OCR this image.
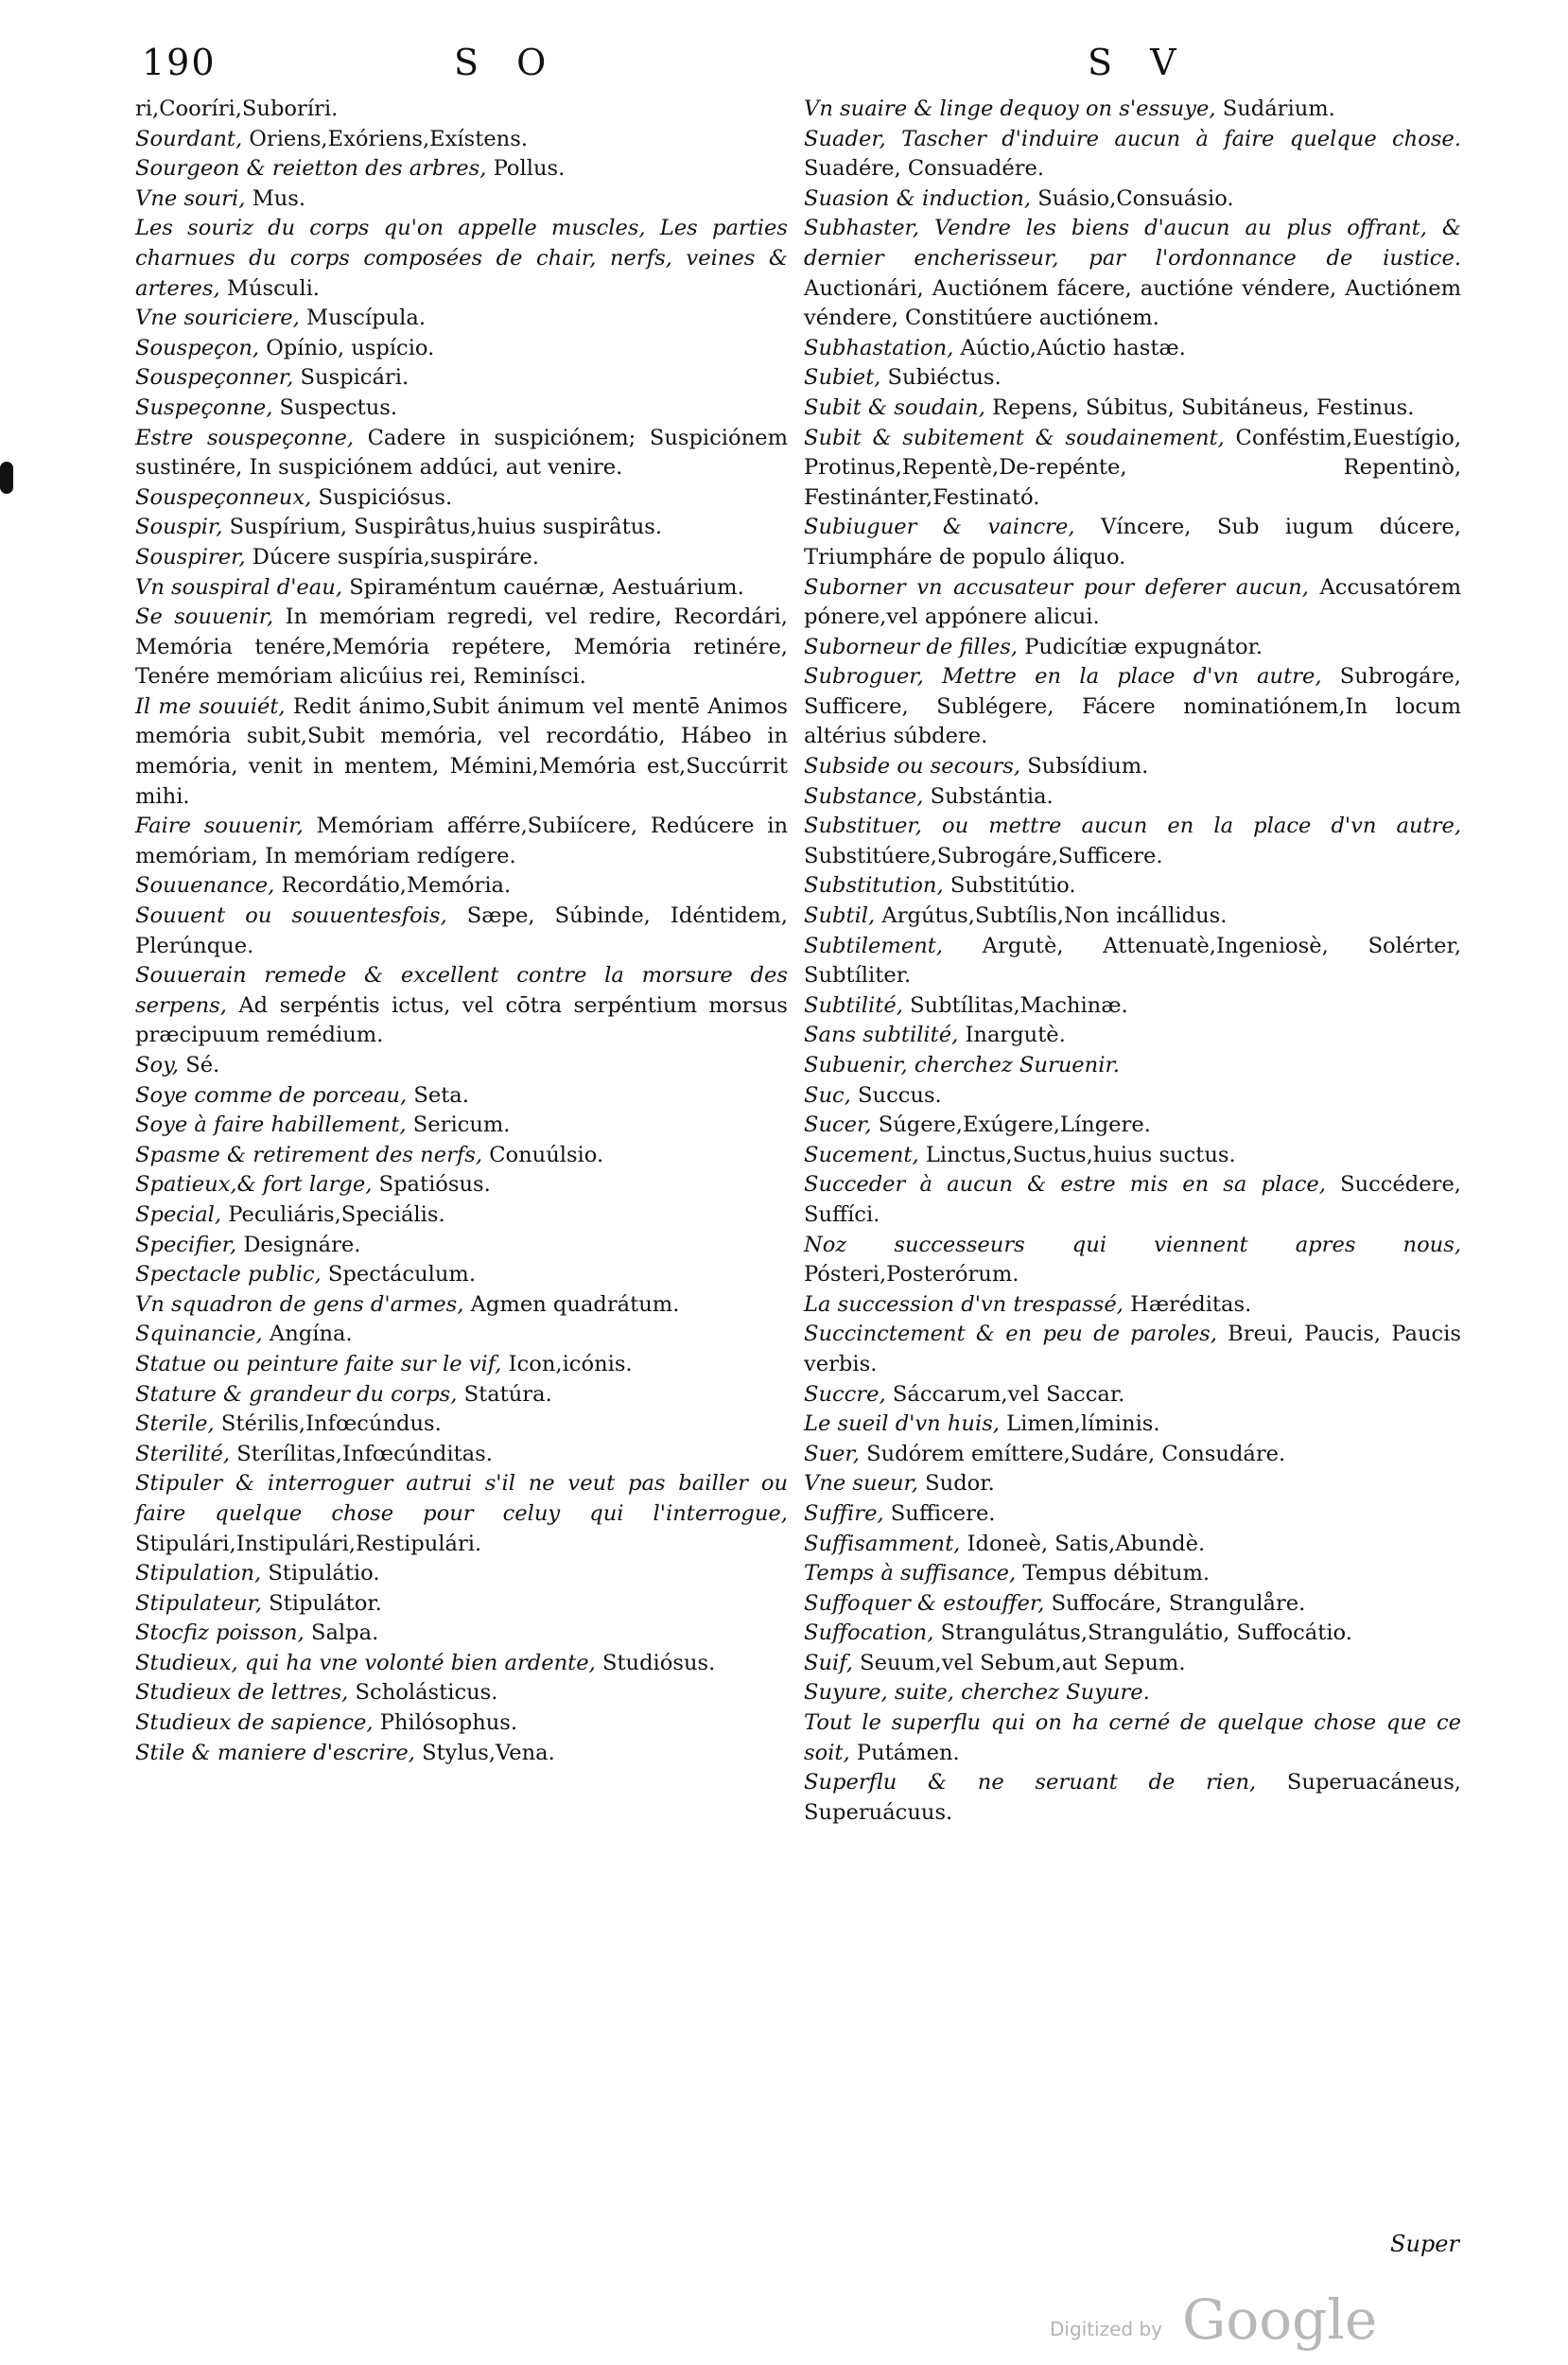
190	S O	S V

ri,Cooríri,Suboríri.

Sourdant, Oriens,Exóriens,Exístens.

Sourgeon & reietton des arbres, Pollus.

Vne souri, Mus.

Les souriz du corps qu'on appelle muscles, Les parties charnues du corps composées de chair, nerfs, veines & arteres, Músculi.

Vne souriciere, Muscípula.

Souspeçon, Opínio, uspício.

Souspeçonner, Suspicári.

Suspeçonne, Suspectus.

Estre souspeçonne, Cadere in suspiciónem; Suspiciónem sustinére, In suspiciónem addúci, aut venire.

Souspeçonneux, Suspiciósus.

Souspir, Suspírium, Suspirâtus,huius suspirâtus.

Souspirer, Dúcere suspíria,suspiráre.

Vn souspiral d'eau, Spiraméntum cauérnæ, Aestuárium.

Se souuenir, In memóriam regredi, vel redire, Recordári, Memória tenére,Memória repétere, Memória retinére, Tenére memóriam alicúius rei, Reminísci.

Il me souuiét, Redit ánimo,Subit ánimum vel mentē Animos memória subit,Subit memória, vel recordátio, Hábeo in memória, venit in mentem, Mémini,Memória est,Succúrrit mihi.

Faire souuenir, Memóriam afférre,Subiícere, Redúcere in memóriam, In memóriam redígere.

Souuenance, Recordátio,Memória.

Souuent ou souuentesfois, Sæpe, Súbinde, Idéntidem, Plerúnque.

Souuerain remede & excellent contre la morsure des serpens, Ad serpéntis ictus, vel cōtra serpéntium morsus præcipuum remédium.

Soy, Sé.

Soye comme de porceau, Seta.

Soye à faire habillement, Sericum.

Spasme & retirement des nerfs, Conuúlsio.

Spatieux,& fort large, Spatiósus.

Special, Peculiáris,Speciális.

Specifier, Designáre.

Spectacle public, Spectáculum.

Vn squadron de gens d'armes, Agmen quadrátum.

Squinancie, Angína.

Statue ou peinture faite sur le vif, Icon,icónis.

Stature & grandeur du corps, Statúra.

Sterile, Stérilis,Infœcúndus.

Sterilité, Sterílitas,Infœcúnditas.

Stipuler & interroguer autrui s'il ne veut pas bailler ou faire quelque chose pour celuy qui l'interrogue, Stipulári,Instipulári,Restipulári.

Stipulation, Stipulátio.

Stipulateur, Stipulátor.

Stocfiz poisson, Salpa.

Studieux, qui ha vne volonté bien ardente, Studiósus.

Studieux de lettres, Scholásticus.

Studieux de sapience, Philósophus.

Stile & maniere d'escrire, Stylus,Vena.

Vn suaire & linge dequoy on s'essuye, Sudárium.

Suader, Tascher d'induire aucun à faire quelque chose. Suadére, Consuadére.

Suasion & induction, Suásio,Consuásio.

Subhaster, Vendre les biens d'aucun au plus offrant, & dernier encherisseur, par l'ordonnance de iustice. Auctionári, Auctiónem fácere, auctióne véndere, Auctiónem véndere, Constitúere auctiónem.

Subhastation, Aúctio,Aúctio hastæ.

Subiet, Subiéctus.

Subit & soudain, Repens, Súbitus, Subitáneus, Festinus.

Subit & subitement & soudainement, Conféstim,Euestígio, Protinus,Repentè,De-repénte, Repentinò, Festinánter,Festinató.

Subiuguer & vaincre, Víncere, Sub iugum dúcere, Triumpháre de populo áliquo.

Suborner vn accusateur pour deferer aucun, Accusatórem pónere,vel appónere alicui.

Suborneur de filles, Pudicítiæ expugnátor.

Subroguer, Mettre en la place d'vn autre, Subrogáre, Sufficere, Sublégere, Fácere nominatiónem,In locum altérius súbdere.

Subside ou secours, Subsídium.

Substance, Substántia.

Substituer, ou mettre aucun en la place d'vn autre, Substitúere,Subrogáre,Sufficere.

Substitution, Substitútio.

Subtil, Argútus,Subtílis,Non incállidus.

Subtilement, Argutè, Attenuatè,Ingeniosè, Solérter, Subtíliter.

Subtilité, Subtílitas,Machinæ.

Sans subtilité, Inargutè.

Subuenir, cherchez Suruenir.

Suc, Succus.

Sucer, Súgere,Exúgere,Língere.

Sucement, Linctus,Suctus,huius suctus.

Succeder à aucun & estre mis en sa place, Succédere, Suffíci.

Noz successeurs qui viennent apres nous, Pósteri,Posterórum.

La succession d'vn trespassé, Hæréditas.

Succinctement & en peu de paroles, Breui, Paucis, Paucis verbis.

Succre, Sáccarum,vel Saccar.

Le sueil d'vn huis, Limen,líminis.

Suer, Sudórem emíttere,Sudáre, Consudáre.

Vne sueur, Sudor.

Suffire, Sufficere.

Suffisamment, Idoneè, Satis,Abundè.

Temps à suffisance, Tempus débitum.

Suffoquer & estouffer, Suffocáre, Strangulåre.

Suffocation, Strangulátus,Strangulátio, Suffocátio.

Suif, Seuum,vel Sebum,aut Sepum.

Suyure, suite, cherchez Suyure.

Tout le superflu qui on ha cerné de quelque chose que ce soit, Putámen.

Superflu & ne seruant de rien, Superuacáneus, Superuácuus.

Super
Digitized by Google
